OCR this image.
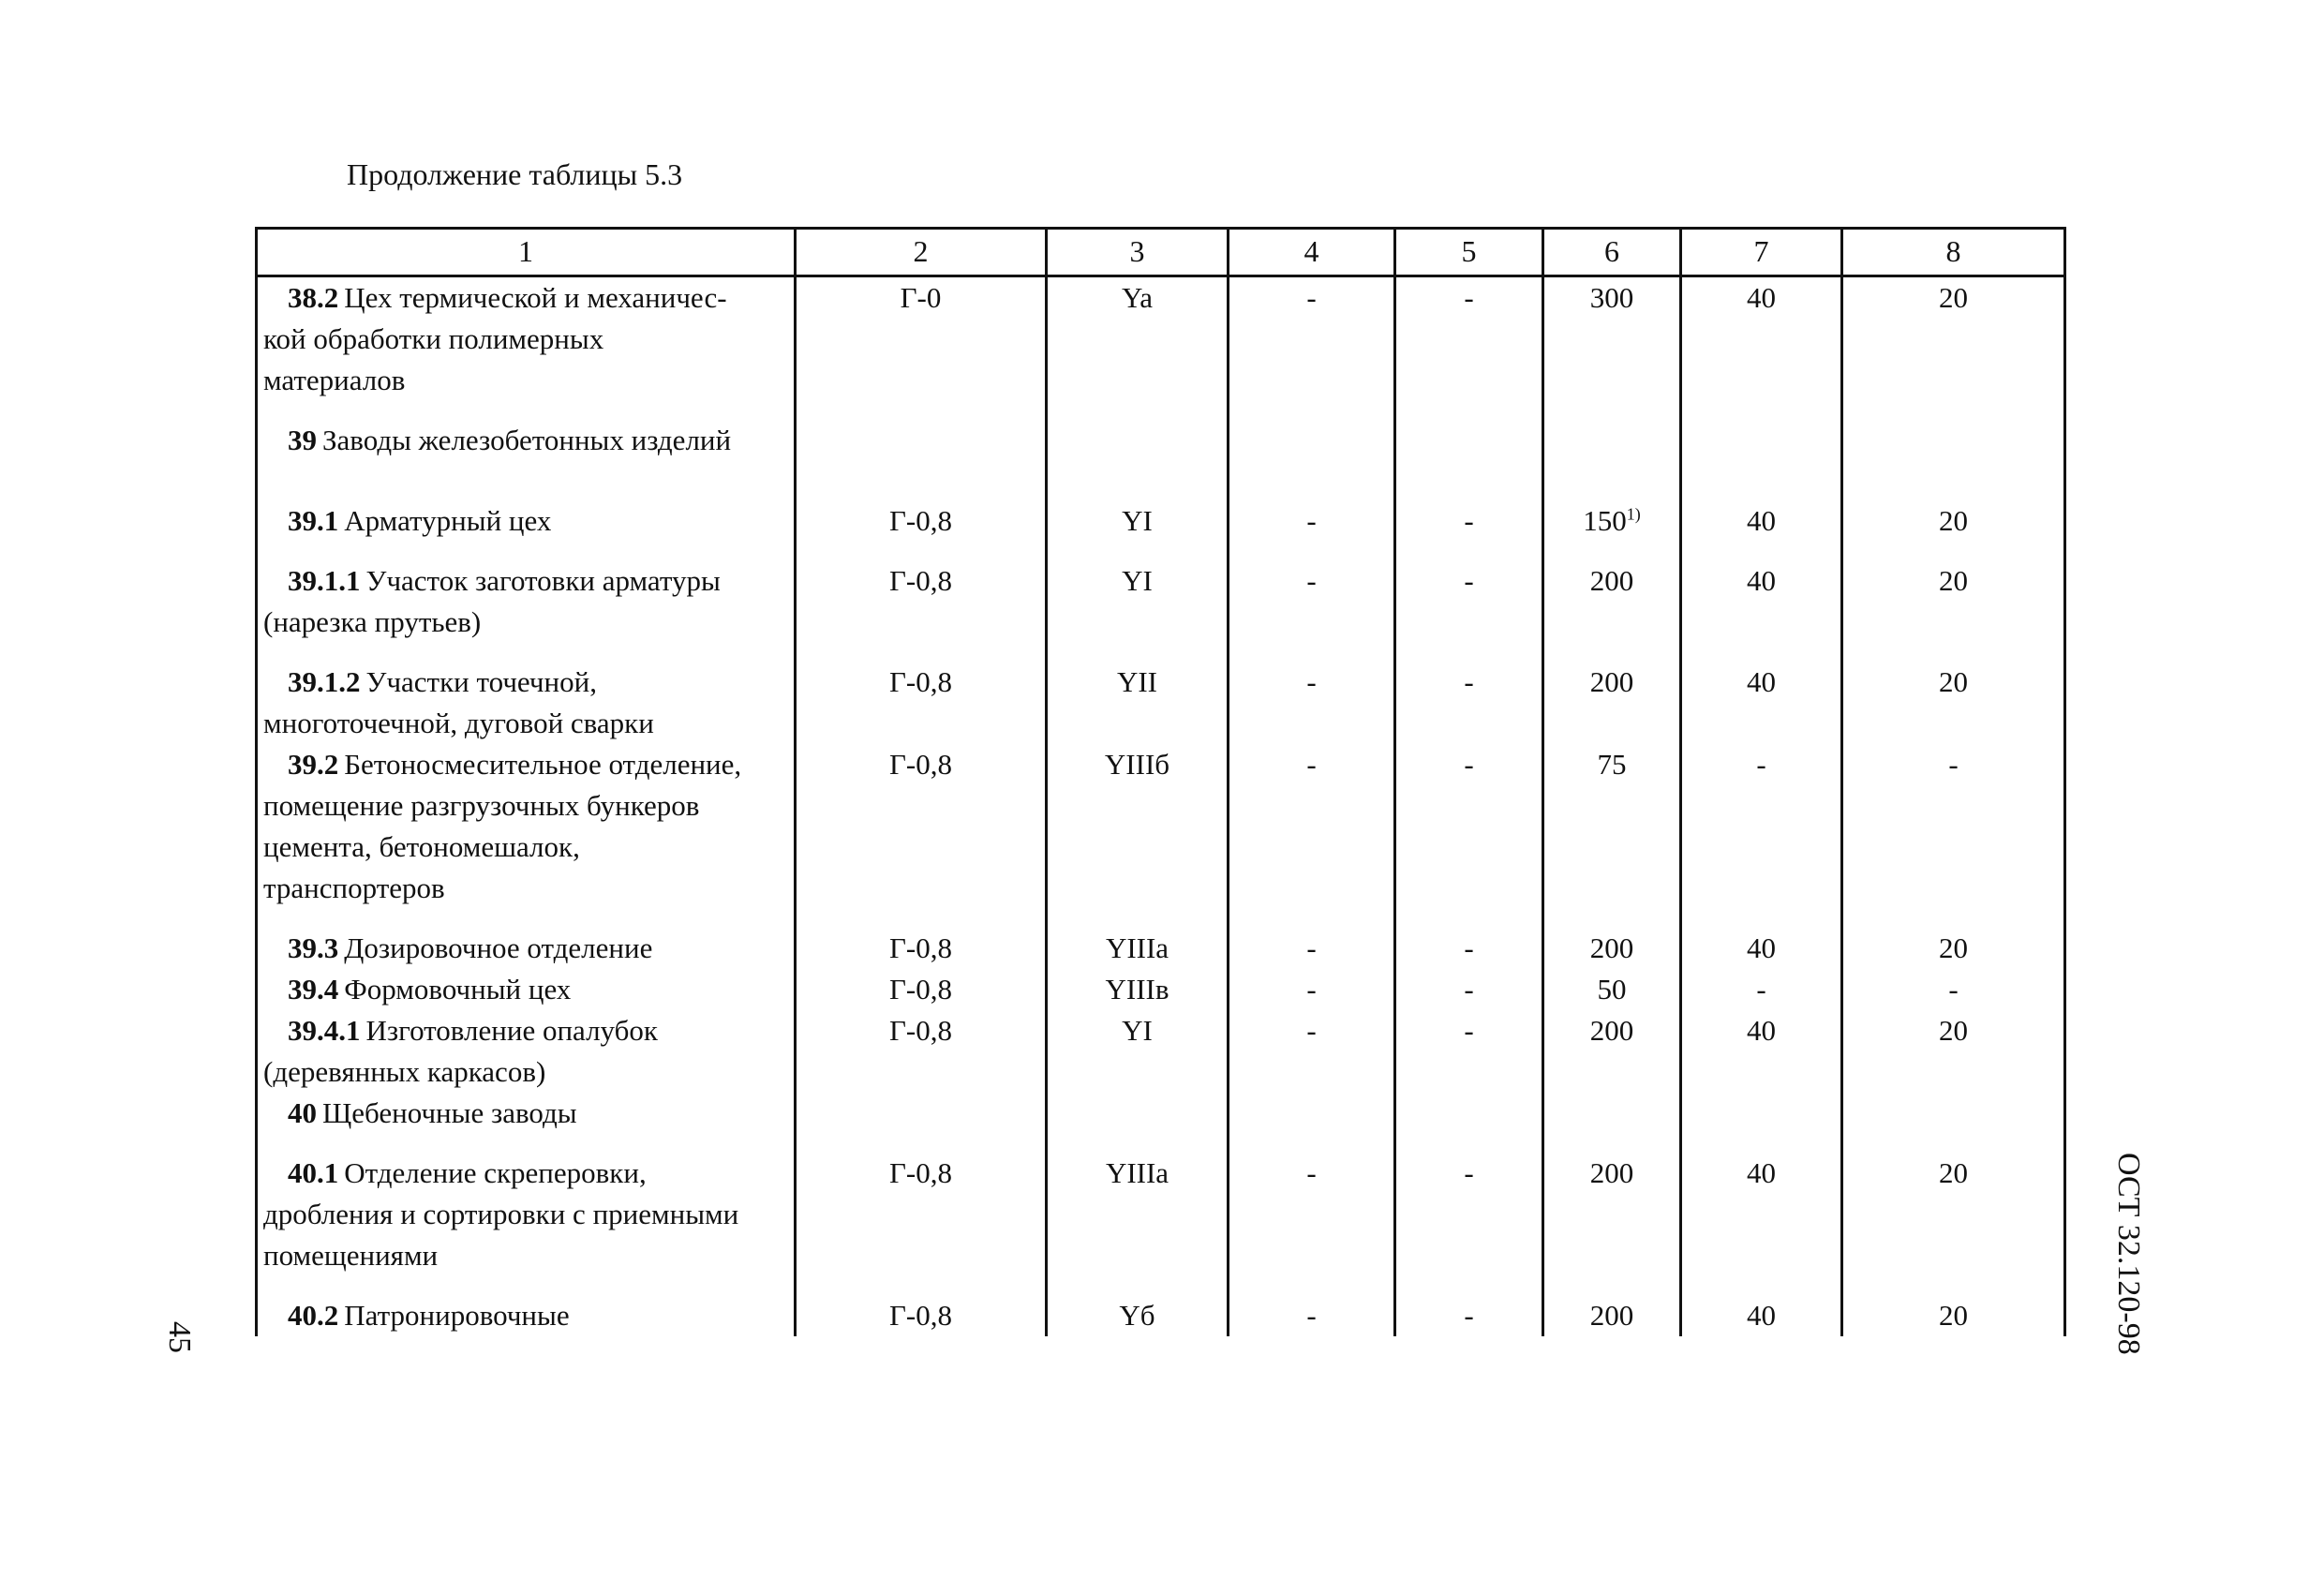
Продолжение таблицы 5.3
1	2	3	4	5	6	7	8
38.2 Цех термической и механичес-
кой обработки полимерных
материалов	Г-0	Ya	-	-	300	40	20
39 Заводы железобетонных изделий							
39.1 Арматурный цех	Г-0,8	YI	-	-	150$^{1)}$	40	20
39.1.1 Участок заготовки арматуры
(нарезка прутьев)	Г-0,8	YI	-	-	200	40	20
39.1.2 Участки точечной,
многоточечной, дуговой сварки	Г-0,8	YII	-	-	200	40	20
39.2 Бетоносмесительное отделение,
помещение разгрузочных бункеров
цемента, бетономешалок,
транспортеров	Г-0,8	YIIIб	-	-	75	-	-
39.3 Дозировочное отделение	Г-0,8	YIIIa	-	-	200	40	20
39.4 Формовочный цех	Г-0,8	YIIIв	-	-	50	-	-
39.4.1 Изготовление опалубок
(деревянных каркасов)	Г-0,8	YI	-	-	200	40	20
40 Щебеночные заводы							
40.1 Отделение скреперовки,
дробления и сортировки с приемными
помещениями	Г-0,8	YIIIa	-	-	200	40	20
40.2 Патронировочные	Г-0,8	Yб	-	-	200	40	20	ОСТ 32.120-98
45
